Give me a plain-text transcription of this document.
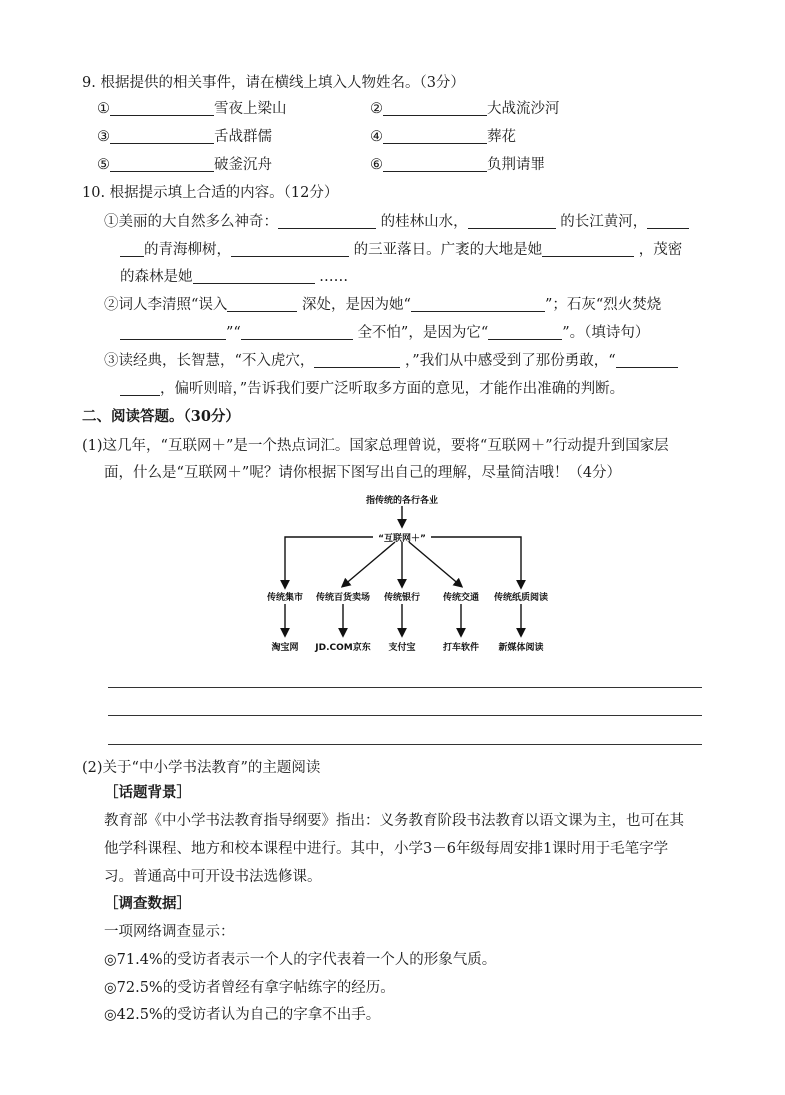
9. 根据提供的相关事件，请在横线上填入人物姓名。（3分）
①	雪夜上梁山	②	大战流沙河
③	舌战群儒	④	葬花
⑤	破釜沉舟	⑥	负荆请罪
10. 根据提示填上合适的内容。（12分）
①美丽的大自然多么神奇：	的桂林山水，	的长江黄河，
的青海柳树，	的三亚落日。广袤的大地是她	，茂密
的森林是她	……
②词人李清照“误入	深处，是因为她“	”；石灰“烈火焚烧
”“	全不怕”，是因为它“	”。（填诗句）
③读经典，长智慧，“不入虎穴，	，”我们从中感受到了那份勇敢，“
，偏听则暗，”告诉我们要广泛听取多方面的意见，才能作出准确的判断。
二、阅读答题。（30分）
(1)这几年，“互联网＋”是一个热点词汇。国家总理曾说，要将“互联网＋”行动提升到国家层
面，什么是“互联网＋”呢？请你根据下图写出自己的理解，尽量简洁哦！（4分）
指传统的各行各业
“互联网＋”
传统集市 传统百货卖场 传统银行	传统交通 传统纸质阅读
淘宝网 JD.COM京东 支付宝	打车软件 新媒体阅读
(2)关于“中小学书法教育”的主题阅读
［话题背景］
教育部《中小学书法教育指导纲要》指出：义务教育阶段书法教育以语文课为主，也可在其
他学科课程、地方和校本课程中进行。其中，小学3－6年级每周安排1课时用于毛笔字学
习。普通高中可开设书法选修课。
［调查数据］
一项网络调查显示：
◎71.4%的受访者表示一个人的字代表着一个人的形象气质。
◎72.5%的受访者曾经有拿字帖练字的经历。
◎42.5%的受访者认为自己的字拿不出手。
